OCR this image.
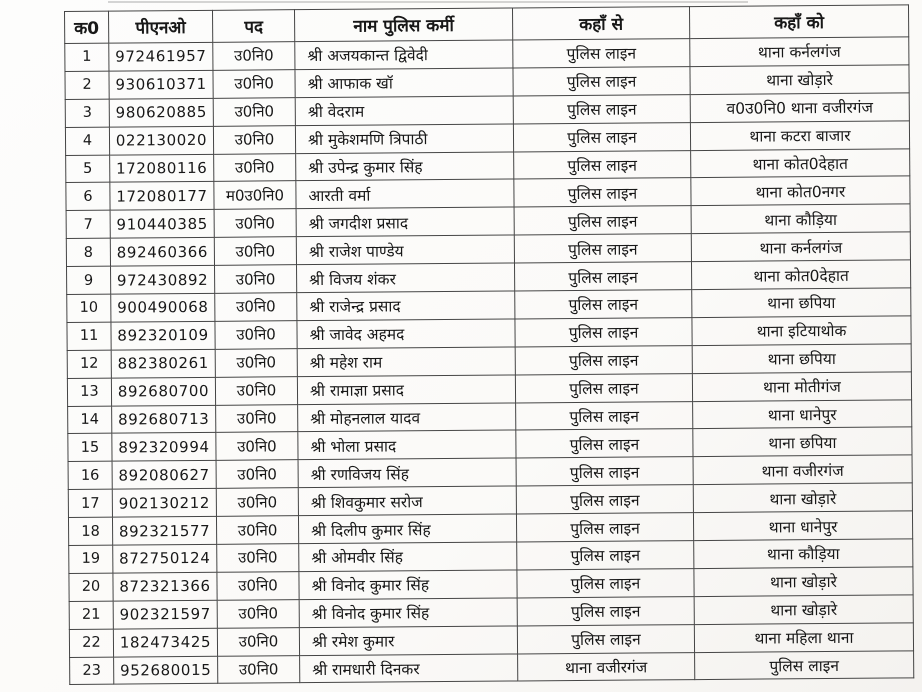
क0	पीएनओ	पद	नाम पुलिस कर्मी	कहाँ से	कहाँ को
1	972461957	उ0नि0	श्री अजयकान्त द्विवेदी	पुलिस लाइन	थाना कर्नलगंज
2	930610371	उ0नि0	श्री आफाक खॉ	पुलिस लाइन	थाना खोड़ारे
3	980620885	उ0नि0	श्री वेदराम	पुलिस लाइन	व0उ0नि0 थाना वजीरगंज
4	022130020	उ0नि0	श्री मुकेशमणि त्रिपाठी	पुलिस लाइन	थाना कटरा बाजार
5	172080116	उ0नि0	श्री उपेन्द्र कुमार सिंह	पुलिस लाइन	थाना कोत0देहात
6	172080177	म0उ0नि0	आरती वर्मा	पुलिस लाइन	थाना कोत0नगर
7	910440385	उ0नि0	श्री जगदीश प्रसाद	पुलिस लाइन	थाना कौड़िया
8	892460366	उ0नि0	श्री राजेश पाण्डेय	पुलिस लाइन	थाना कर्नलगंज
9	972430892	उ0नि0	श्री विजय शंकर	पुलिस लाइन	थाना कोत0देहात
10	900490068	उ0नि0	श्री राजेन्द्र प्रसाद	पुलिस लाइन	थाना छपिया
11	892320109	उ0नि0	श्री जावेद अहमद	पुलिस लाइन	थाना इटियाथोक
12	882380261	उ0नि0	श्री महेश राम	पुलिस लाइन	थाना छपिया
13	892680700	उ0नि0	श्री रामाज्ञा प्रसाद	पुलिस लाइन	थाना मोतीगंज
14	892680713	उ0नि0	श्री मोहनलाल यादव	पुलिस लाइन	थाना धानेपुर
15	892320994	उ0नि0	श्री भोला प्रसाद	पुलिस लाइन	थाना छपिया
16	892080627	उ0नि0	श्री रणविजय सिंह	पुलिस लाइन	थाना वजीरगंज
17	902130212	उ0नि0	श्री शिवकुमार सरोज	पुलिस लाइन	थाना खोड़ारे
18	892321577	उ0नि0	श्री दिलीप कुमार सिंह	पुलिस लाइन	थाना धानेपुर
19	872750124	उ0नि0	श्री ओमवीर सिंह	पुलिस लाइन	थाना कौड़िया
20	872321366	उ0नि0	श्री विनोद कुमार सिंह	पुलिस लाइन	थाना खोड़ारे
21	902321597	उ0नि0	श्री विनोद कुमार सिंह	पुलिस लाइन	थाना खोड़ारे
22	182473425	उ0नि0	श्री रमेश कुमार	पुलिस लाइन	थाना महिला थाना
23	952680015	उ0नि0	श्री रामधारी दिनकर	थाना वजीरगंज	पुलिस लाइन
